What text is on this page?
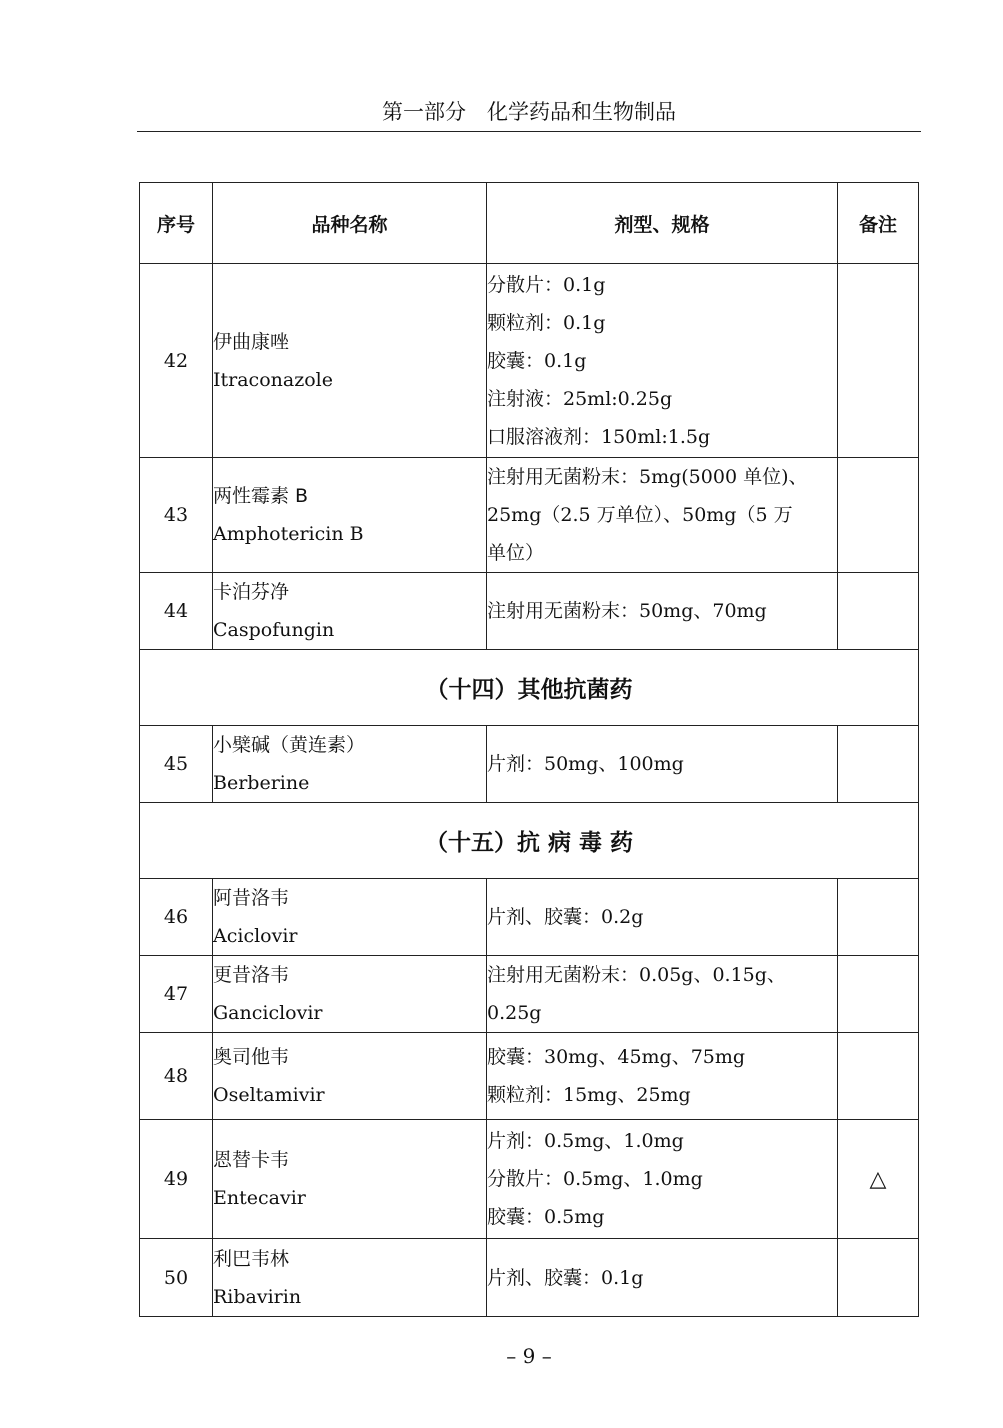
第一部分　化学药品和生物制品
序号	品种名称	剂型、规格	备注
42	伊曲康唑
Itraconazole	分散片：0.1g
颗粒剂：0.1g
胶囊：0.1g
注射液：25ml:0.25g
口服溶液剂：150ml:1.5g	

43	两性霉素 B
Amphotericin B	注射用无菌粉末：5mg(5000 单位)、
25mg（2.5 万单位）、50mg（5 万
单位）	

44	卡泊芬净
Caspofungin	注射用无菌粉末：50mg、70mg	

（十四）其他抗菌药			
45	小檗碱（黄连素）
Berberine	片剂：50mg、100mg	

（十五）抗 病 毒 药			
46	阿昔洛韦
Aciclovir	片剂、胶囊：0.2g	

47	更昔洛韦
Ganciclovir	注射用无菌粉末：0.05g、0.15g、
0.25g	

48	奥司他韦
Oseltamivir	胶囊：30mg、45mg、75mg
颗粒剂：15mg、25mg	

49	恩替卡韦
Entecavir	片剂：0.5mg、1.0mg
分散片：0.5mg、1.0mg
胶囊：0.5mg	△
50	利巴韦林
Ribavirin	片剂、胶囊：0.1g	

– 9 –
